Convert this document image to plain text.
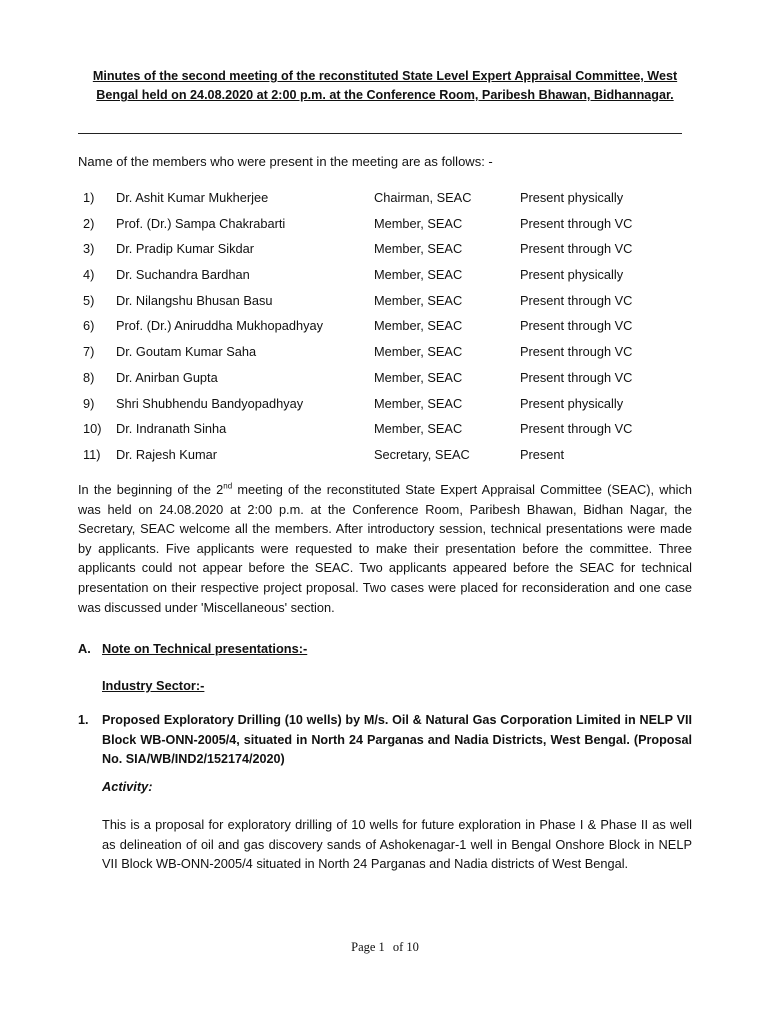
Minutes of the second meeting of the reconstituted State Level Expert Appraisal Committee, West Bengal held on 24.08.2020 at 2:00 p.m. at the Conference Room, Paribesh Bhawan, Bidhannagar.
Name of the members who were present in the meeting are as follows: -
1) Dr. Ashit Kumar Mukherjee	Chairman, SEAC	Present physically
2) Prof. (Dr.) Sampa Chakrabarti	Member, SEAC	Present through VC
3) Dr. Pradip Kumar Sikdar	Member, SEAC	Present through VC
4) Dr. Suchandra Bardhan	Member, SEAC	Present physically
5) Dr. Nilangshu Bhusan Basu	Member, SEAC	Present through VC
6) Prof. (Dr.) Aniruddha Mukhopadhyay	Member, SEAC	Present through VC
7) Dr. Goutam Kumar Saha	Member, SEAC	Present through VC
8) Dr. Anirban Gupta	Member, SEAC	Present through VC
9) Shri Shubhendu Bandyopadhyay	Member, SEAC	Present physically
10) Dr. Indranath Sinha	Member, SEAC	Present through VC
11) Dr. Rajesh Kumar	Secretary, SEAC	Present
In the beginning of the 2nd meeting of the reconstituted State Expert Appraisal Committee (SEAC), which was held on 24.08.2020 at 2:00 p.m. at the Conference Room, Paribesh Bhawan, Bidhan Nagar, the Secretary, SEAC welcome all the members. After introductory session, technical presentations were made by applicants. Five applicants were requested to make their presentation before the committee. Three applicants could not appear before the SEAC. Two applicants appeared before the SEAC for technical presentation on their respective project proposal. Two cases were placed for reconsideration and one case was discussed under 'Miscellaneous' section.
A. Note on Technical presentations:-
Industry Sector:-
1. Proposed Exploratory Drilling (10 wells) by M/s. Oil & Natural Gas Corporation Limited in NELP VII Block WB-ONN-2005/4, situated in North 24 Parganas and Nadia Districts, West Bengal. (Proposal No. SIA/WB/IND2/152174/2020)
Activity:
This is a proposal for exploratory drilling of 10 wells for future exploration in Phase I & Phase II as well as delineation of oil and gas discovery sands of Ashokenagar-1 well in Bengal Onshore Block in NELP VII Block WB-ONN-2005/4 situated in North 24 Parganas and Nadia districts of West Bengal.
Page 1 of 10
